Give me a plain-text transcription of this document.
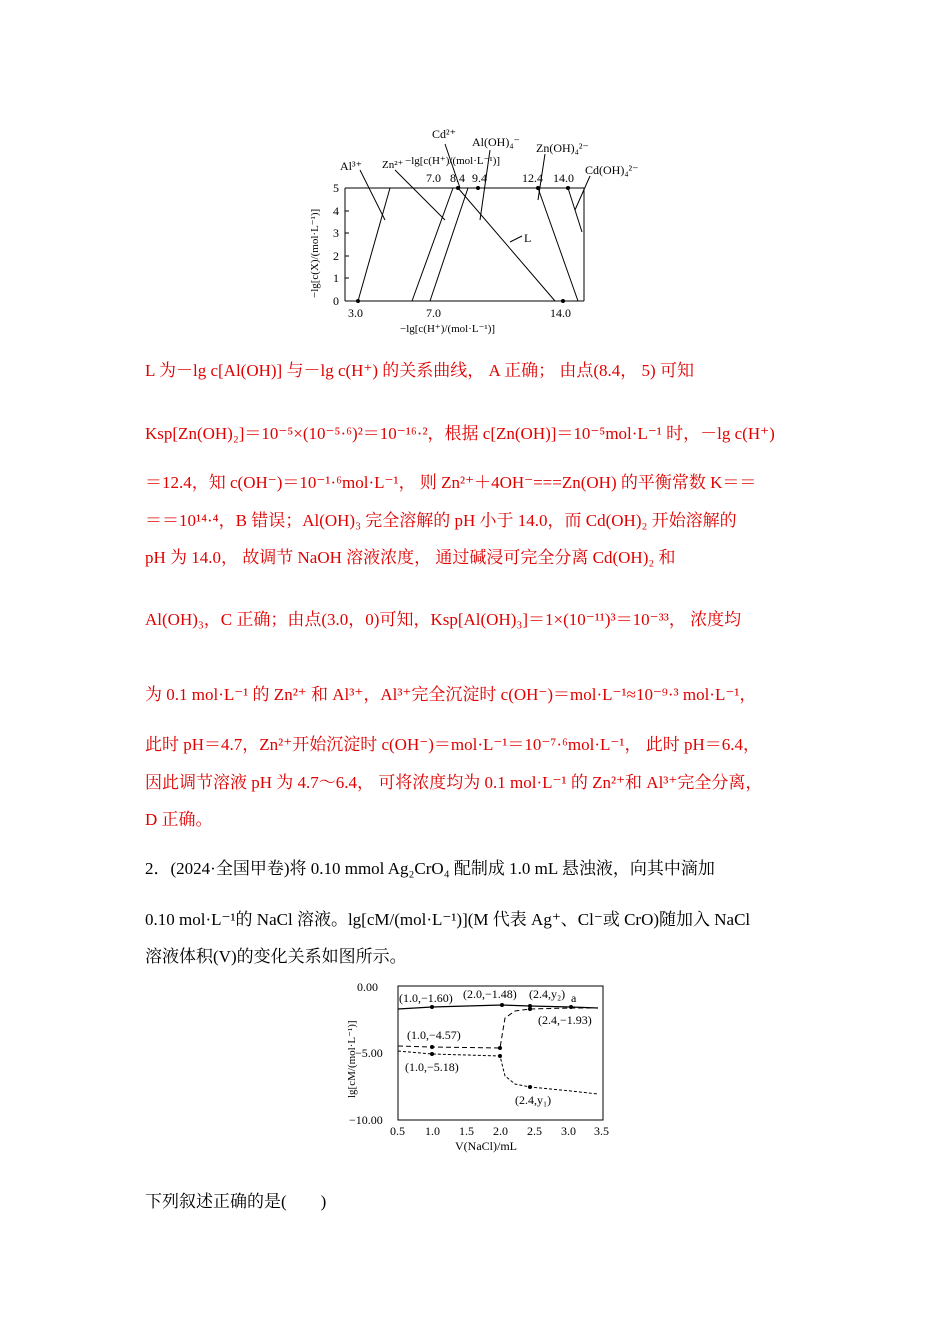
0
1
2
3
4
5
−lg[c(X)/(mol·L⁻¹)]
7.0 8.4 9.4	12.4 14.0
−lg[c(H⁺)/(mol·L⁻¹)]
3.0	7.0	14.0
−lg[c(H⁺)/(mol·L⁻¹)]
Cd²⁺
Al³⁺ Zn²⁺
Al(OH)₄⁻ Zn(OH)₄²⁻
Cd(OH)₄²⁻
L
L 为－lg c[Al(OH)] 与－lg c(H⁺) 的关系曲线， A 正确； 由点(8.4， 5) 可知
Ksp[Zn(OH)₂]＝10⁻⁵×(10⁻⁵·⁶)²＝10⁻¹⁶·²，根据 c[Zn(OH)]＝10⁻⁵mol·L⁻¹ 时，－lg c(H⁺)
＝12.4，知 c(OH⁻)＝10⁻¹·⁶mol·L⁻¹， 则 Zn²⁺＋4OH⁻===Zn(OH) 的平衡常数 K＝＝
＝＝10¹⁴·⁴，B 错误；Al(OH)₃ 完全溶解的 pH 小于 14.0，而 Cd(OH)₂ 开始溶解的
pH 为 14.0， 故调节 NaOH 溶液浓度， 通过碱浸可完全分离 Cd(OH)₂ 和
Al(OH)₃，C 正确；由点(3.0，0)可知，Ksp[Al(OH)₃]＝1×(10⁻¹¹)³＝10⁻³³， 浓度均
为 0.1 mol·L⁻¹ 的 Zn²⁺ 和 Al³⁺，Al³⁺完全沉淀时 c(OH⁻)＝mol·L⁻¹≈10⁻⁹·³ mol·L⁻¹，
此时 pH＝4.7，Zn²⁺开始沉淀时 c(OH⁻)＝mol·L⁻¹＝10⁻⁷·⁶mol·L⁻¹， 此时 pH＝6.4，
因此调节溶液 pH 为 4.7～6.4， 可将浓度均为 0.1 mol·L⁻¹ 的 Zn²⁺和 Al³⁺完全分离，
D 正确。
2．(2024·全国甲卷)将 0.10 mmol Ag₂CrO₄ 配制成 1.0 mL 悬浊液，向其中滴加
0.10 mol·L⁻¹的 NaCl 溶液。lg[cM/(mol·L⁻¹)](M 代表 Ag⁺、Cl⁻或 CrO)随加入 NaCl
溶液体积(V)的变化关系如图所示。
0.00
−5.00
−10.00
lg[cM/(mol·L⁻¹)]
0.5 1.0 1.5 2.0 2.5 3.0 3.5
V(NaCl)/mL
(1.0,−1.60) (2.0,−1.48) (2.4,y₂) a
(2.4,−1.93)
(1.0,−4.57)
(1.0,−5.18)
(2.4,y₁)
下列叙述正确的是(　　)
